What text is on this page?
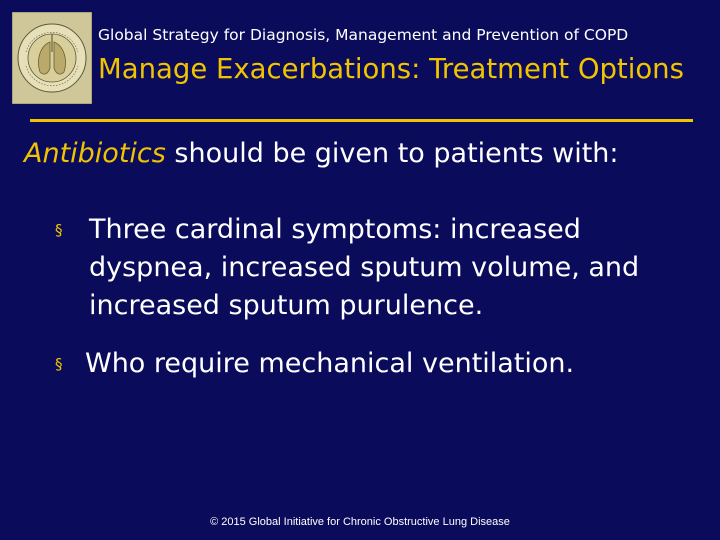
Global Strategy for Diagnosis, Management and Prevention of COPD
Manage Exacerbations: Treatment Options
Antibiotics should be given to patients with:
§ Three cardinal symptoms: increased dyspnea, increased sputum volume, and increased sputum purulence.
§ Who require mechanical ventilation.
© 2015 Global Initiative for Chronic Obstructive Lung Disease
